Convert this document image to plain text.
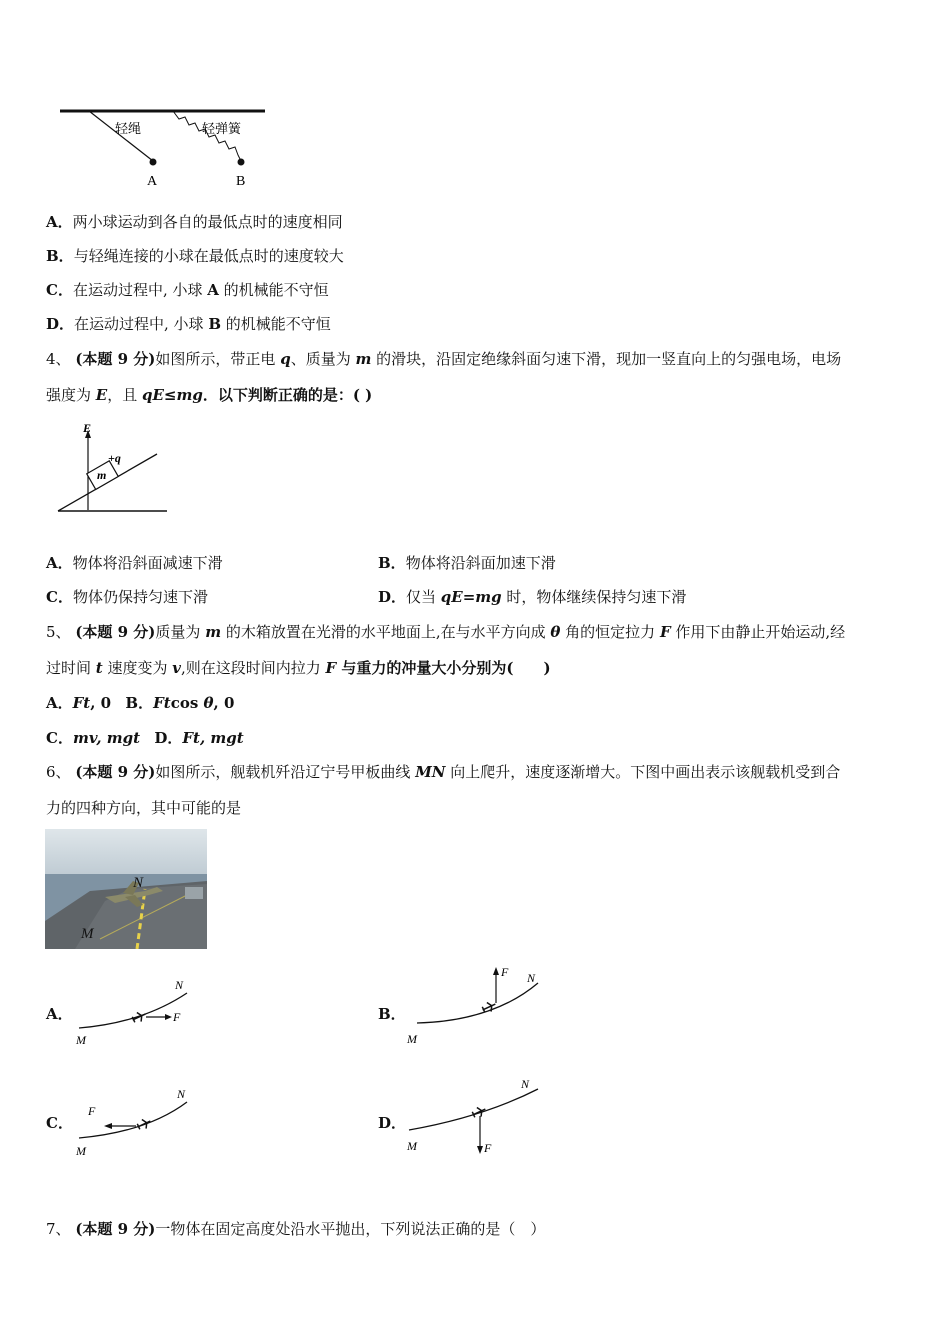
轻绳	轻弹簧
A	B
A．两小球运动到各自的最低点时的速度相同
B．与轻绳连接的小球在最低点时的速度较大
C．在运动过程中, 小球 A 的机械能不守恒
D．在运动过程中, 小球 B 的机械能不守恒
4、 (本题 9 分)如图所示，带正电 q、质量为 m 的滑块，沿固定绝缘斜面匀速下滑，现加一竖直向上的匀强电场，电场
强度为 E，且 qE≤mg．以下判断正确的是：( )
E
+q
m
A．物体将沿斜面减速下滑	B．物体将沿斜面加速下滑
C．物体仍保持匀速下滑	D．仅当 qE=mg 时，物体继续保持匀速下滑
5、 (本题 9 分)质量为 m 的木箱放置在光滑的水平地面上,在与水平方向成 θ 角的恒定拉力 F 作用下由静止开始运动,经
过时间 t 速度变为 v,则在这段时间内拉力 F 与重力的冲量大小分别为(　　)
A．Ft, 0 B．Ftcos θ, 0
C．mv, mgt D．Ft, mgt
6、 (本题 9 分)如图所示，舰载机歼沿辽宁号甲板曲线 MN 向上爬升，速度逐渐增大。下图中画出表示该舰载机受到合
力的四种方向，其中可能的是
N
M
A．	F
N
M
B．
F N
M
C．
F
N
M
D．
F
N
M
7、 (本题 9 分)一物体在固定高度处沿水平抛出，下列说法正确的是（　）
